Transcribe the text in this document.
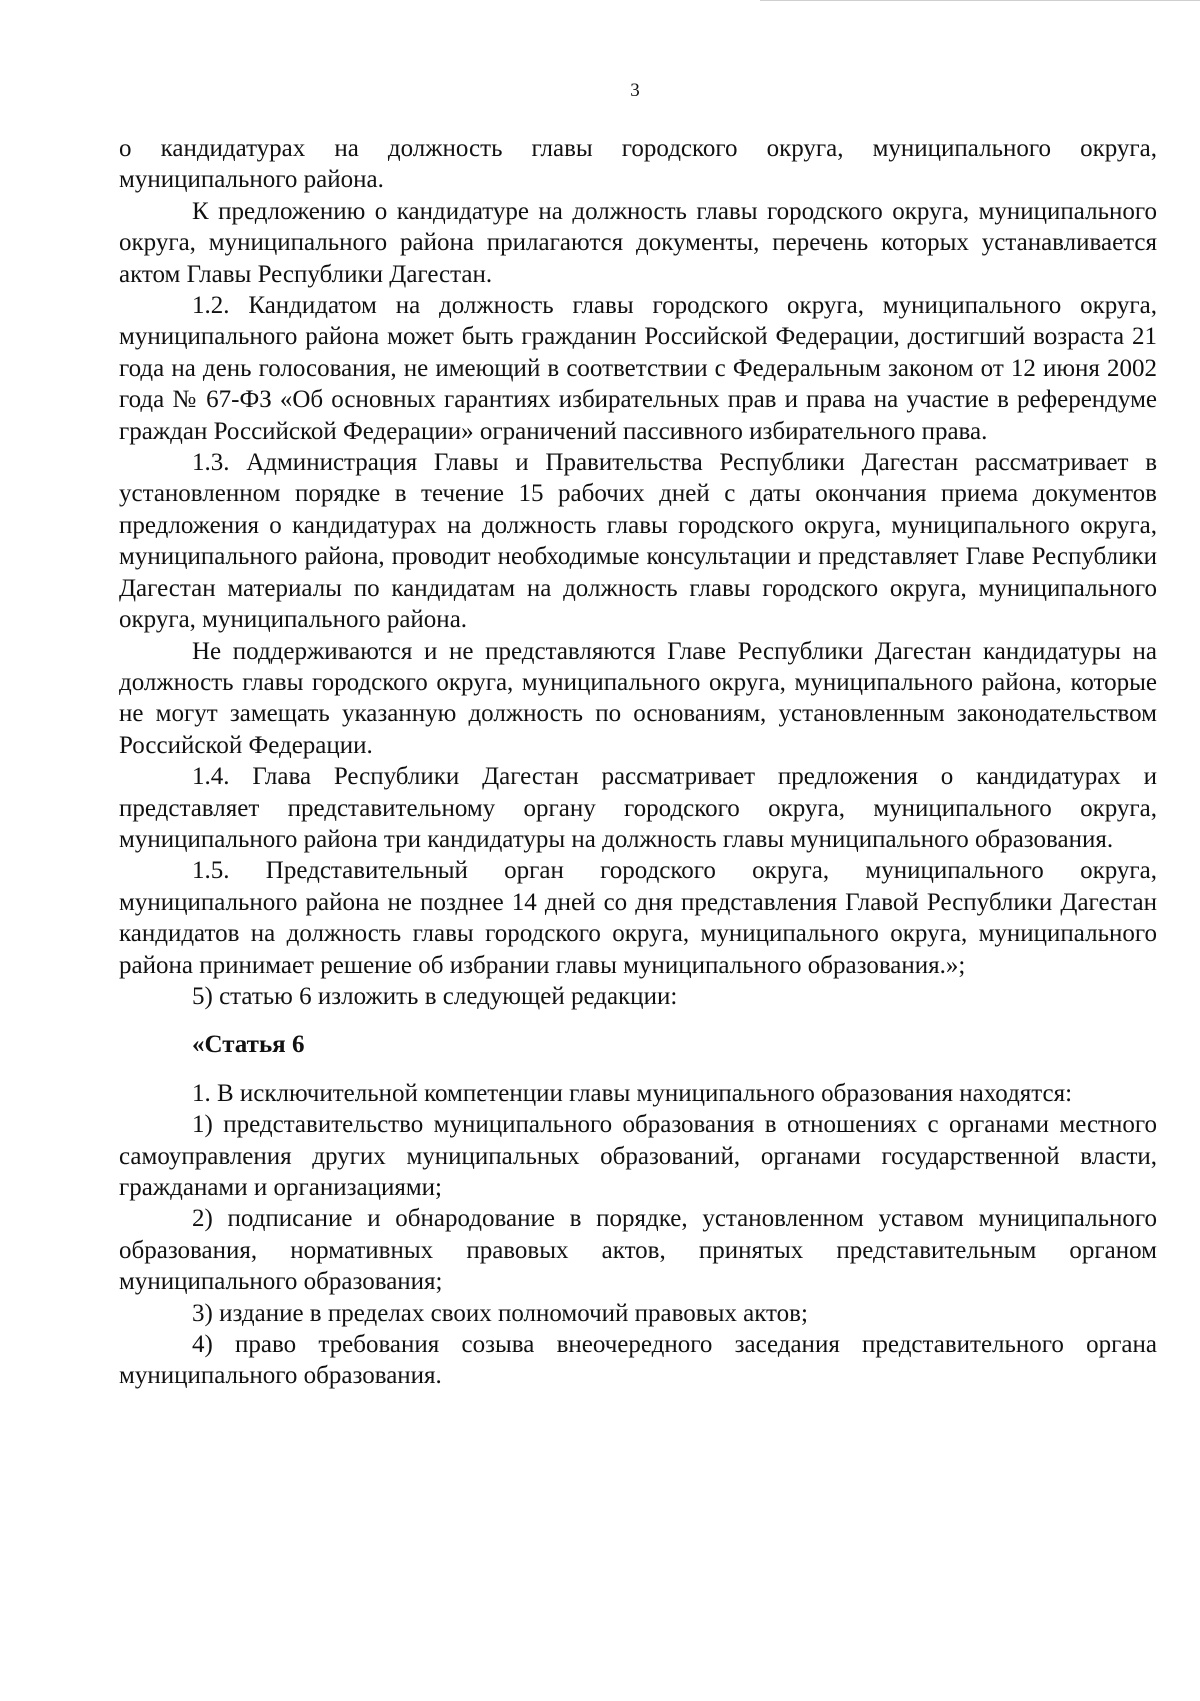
3

о кандидатурах на должность главы городского округа, муниципального округа, муниципального района.

К предложению о кандидатуре на должность главы городского округа, муниципального округа, муниципального района прилагаются документы, перечень которых устанавливается актом Главы Республики Дагестан.

1.2. Кандидатом на должность главы городского округа, муниципального округа, муниципального района может быть гражданин Российской Федерации, достигший возраста 21 года на день голосования, не имеющий в соответствии с Федеральным законом от 12 июня 2002 года № 67-ФЗ «Об основных гарантиях избирательных прав и права на участие в референдуме граждан Российской Федерации» ограничений пассивного избирательного права.

1.3. Администрация Главы и Правительства Республики Дагестан рассматривает в установленном порядке в течение 15 рабочих дней с даты окончания приема документов предложения о кандидатурах на должность главы городского округа, муниципального округа, муниципального района, проводит необходимые консультации и представляет Главе Республики Дагестан материалы по кандидатам на должность главы городского округа, муниципального округа, муниципального района.

Не поддерживаются и не представляются Главе Республики Дагестан кандидатуры на должность главы городского округа, муниципального округа, муниципального района, которые не могут замещать указанную должность по основаниям, установленным законодательством Российской Федерации.

1.4. Глава Республики Дагестан рассматривает предложения о кандидатурах и представляет представительному органу городского округа, муниципального округа, муниципального района три кандидатуры на должность главы муниципального образования.

1.5. Представительный орган городского округа, муниципального округа, муниципального района не позднее 14 дней со дня представления Главой Республики Дагестан кандидатов на должность главы городского округа, муниципального округа, муниципального района принимает решение об избрании главы муниципального образования.»;

5) статью 6 изложить в следующей редакции:

«Статья 6

1. В исключительной компетенции главы муниципального образования находятся:

1) представительство муниципального образования в отношениях с органами местного самоуправления других муниципальных образований, органами государственной власти, гражданами и организациями;

2) подписание и обнародование в порядке, установленном уставом муниципального образования, нормативных правовых актов, принятых представительным органом муниципального образования;

3) издание в пределах своих полномочий правовых актов;

4) право требования созыва внеочередного заседания представительного органа муниципального образования.
